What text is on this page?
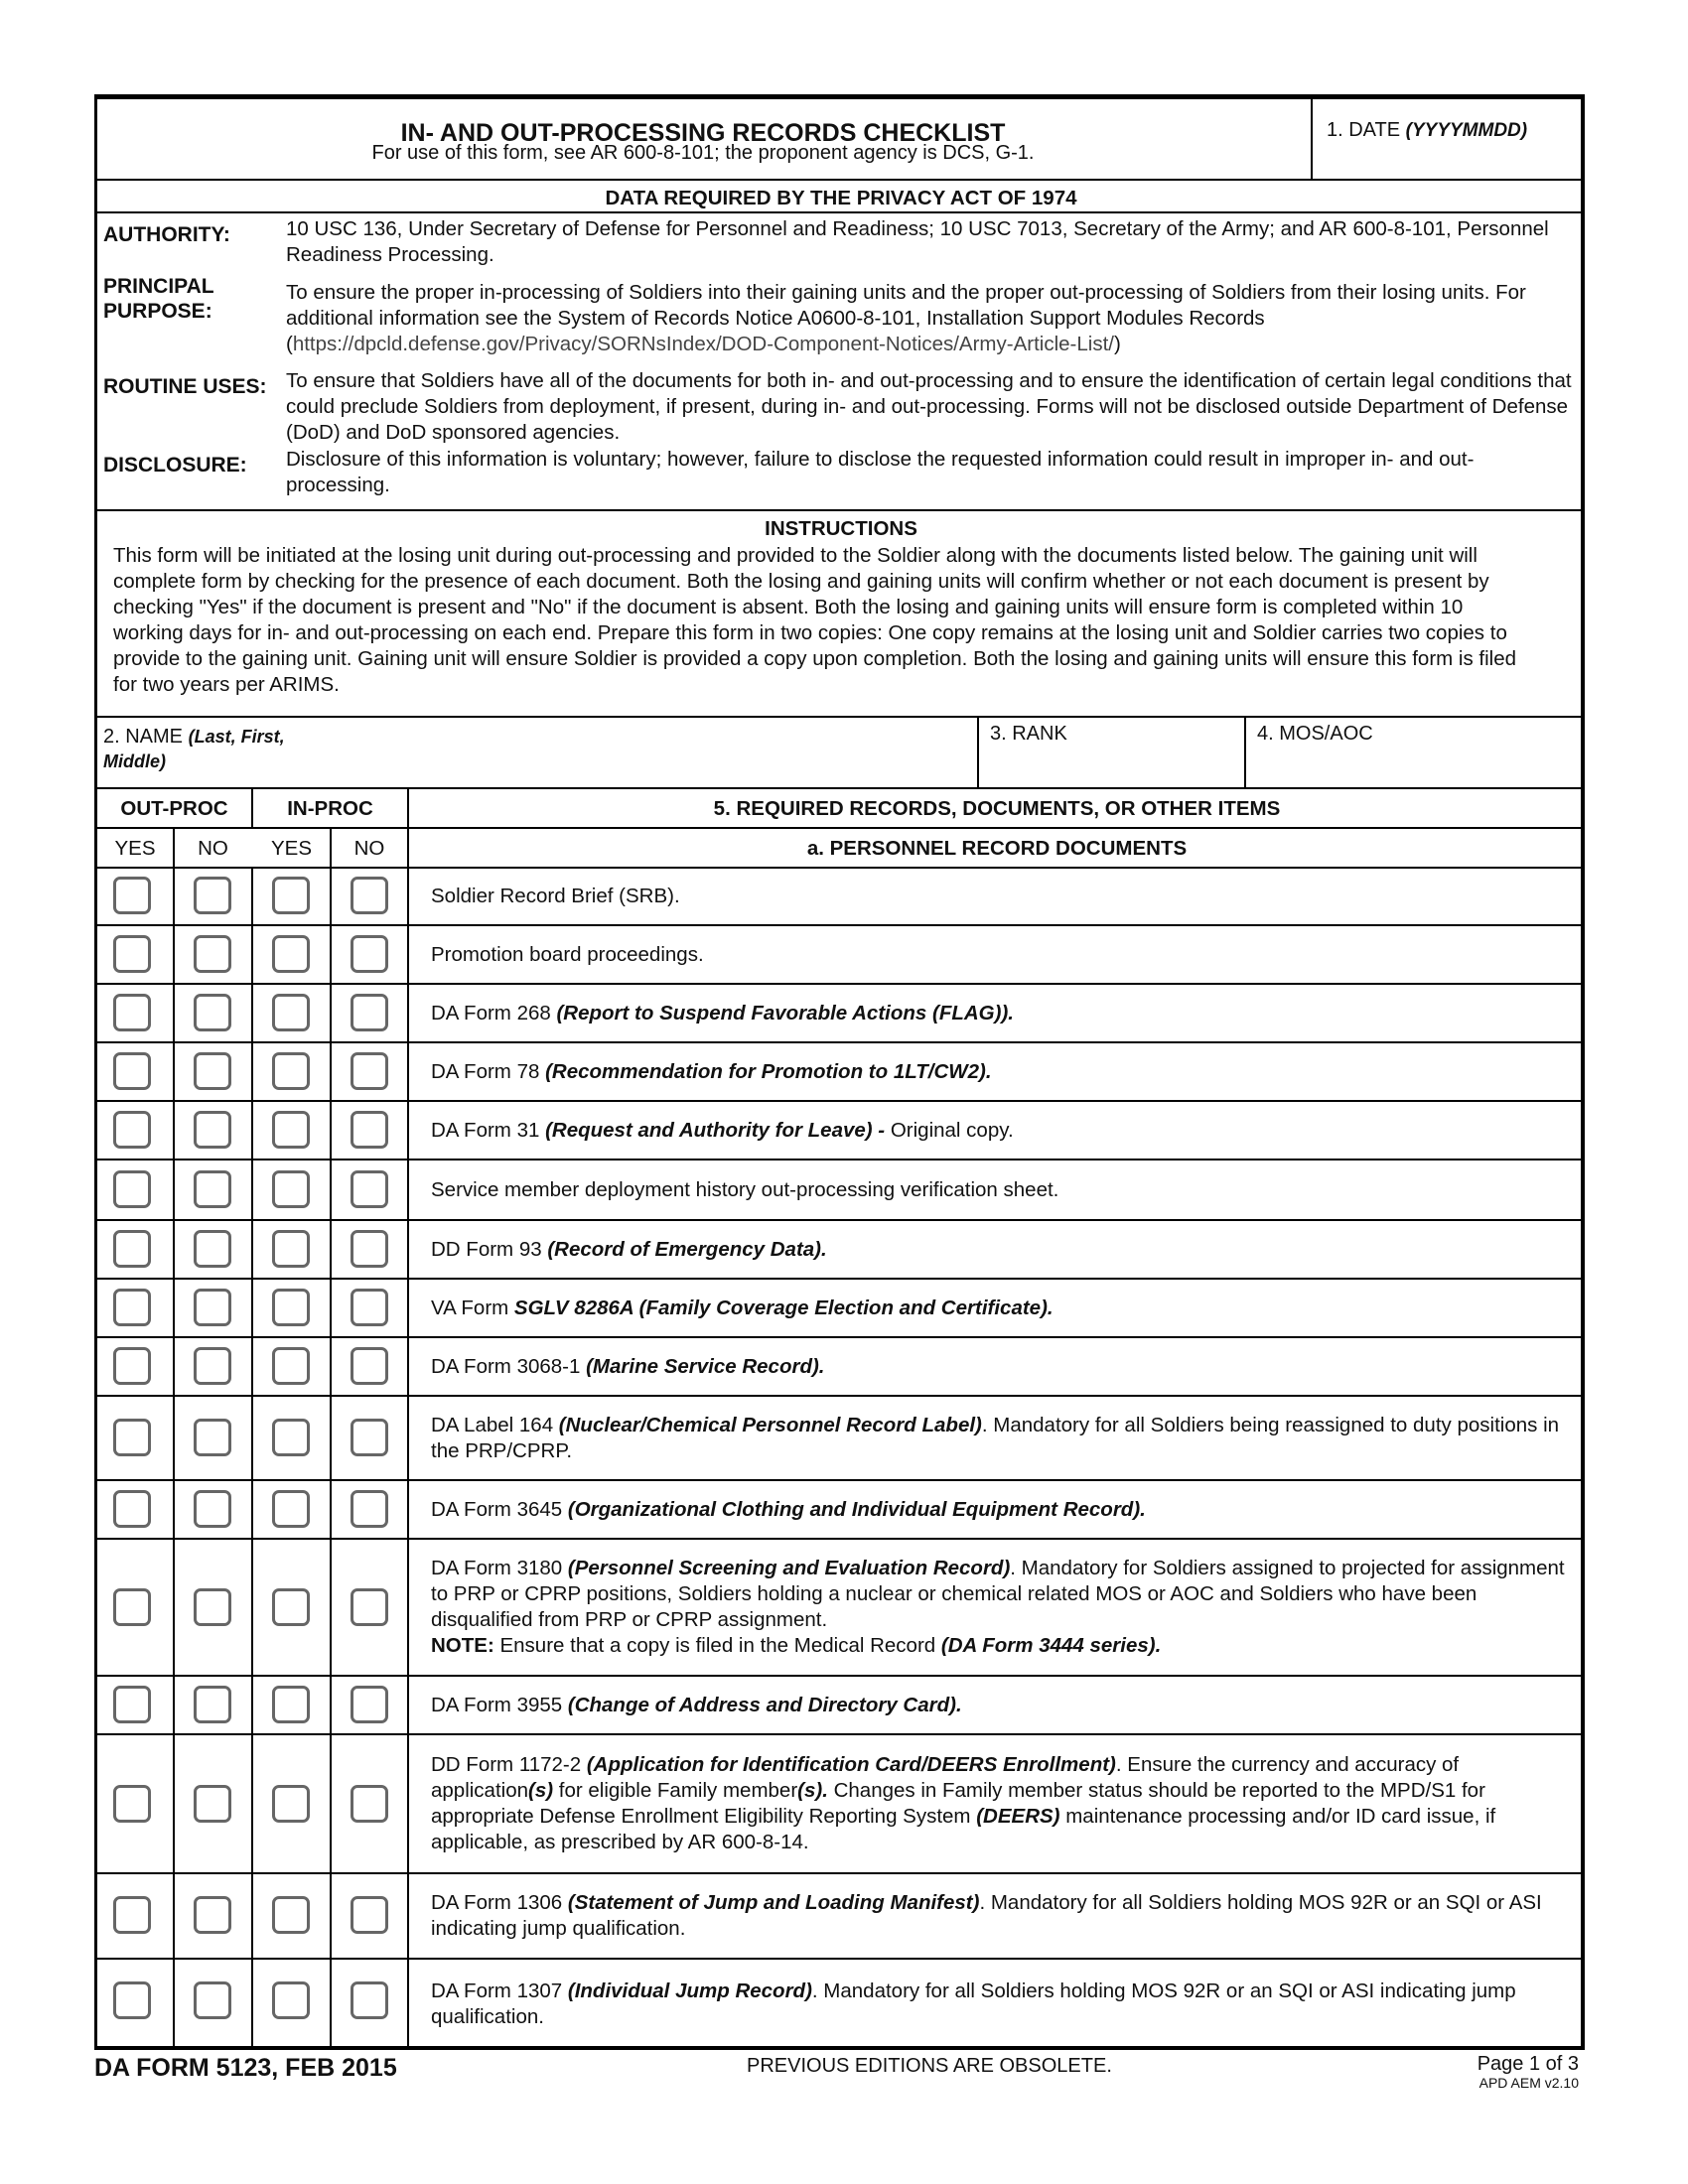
IN- AND OUT-PROCESSING RECORDS CHECKLIST
For use of this form, see AR 600-8-101; the proponent agency is DCS, G-1.
1. DATE (YYYYMMDD)
DATA REQUIRED BY THE PRIVACY ACT OF 1974
AUTHORITY:	10 USC 136, Under Secretary of Defense for Personnel and Readiness; 10 USC 7013, Secretary of the Army; and AR 600-8-101, Personnel Readiness Processing.
PRINCIPAL
PURPOSE:
To ensure the proper in-processing of Soldiers into their gaining units and the proper out-processing of Soldiers from their losing units. For additional information see the System of Records Notice A0600-8-101, Installation Support Modules Records (https://dpcld.defense.gov/Privacy/SORNsIndex/DOD-Component-Notices/Army-Article-List/)
ROUTINE USES: To ensure that Soldiers have all of the documents for both in- and out-processing and to ensure the identification of certain legal conditions that could preclude Soldiers from deployment, if present, during in- and out-processing. Forms will not be disclosed outside Department of Defense (DoD) and DoD sponsored agencies.
DISCLOSURE: Disclosure of this information is voluntary; however, failure to disclose the requested information could result in improper in- and out-processing.
INSTRUCTIONS
This form will be initiated at the losing unit during out-processing and provided to the Soldier along with the documents listed below. The gaining unit will complete form by checking for the presence of each document. Both the losing and gaining units will confirm whether or not each document is present by checking "Yes" if the document is present and "No" if the document is absent. Both the losing and gaining units will ensure form is completed within 10 working days for in- and out-processing on each end. Prepare this form in two copies: One copy remains at the losing unit and Soldier carries two copies to provide to the gaining unit. Gaining unit will ensure Soldier is provided a copy upon completion. Both the losing and gaining units will ensure this form is filed for two years per ARIMS.
2. NAME (Last, First,
Middle)
3. RANK	4. MOS/AOC
OUT-PROC	IN-PROC	5. REQUIRED RECORDS, DOCUMENTS, OR OTHER ITEMS
YES	NO	YES	NO	a. PERSONNEL RECORD DOCUMENTS
Soldier Record Brief (SRB).
Promotion board proceedings.
DA Form 268 (Report to Suspend Favorable Actions (FLAG)).
DA Form 78 (Recommendation for Promotion to 1LT/CW2).
DA Form 31 (Request and Authority for Leave) - Original copy.
Service member deployment history out-processing verification sheet.
DD Form 93 (Record of Emergency Data).
VA Form SGLV 8286A (Family Coverage Election and Certificate).
DA Form 3068-1 (Marine Service Record).
DA Label 164 (Nuclear/Chemical Personnel Record Label). Mandatory for all Soldiers being reassigned to duty positions in the PRP/CPRP.
DA Form 3645 (Organizational Clothing and Individual Equipment Record).
DA Form 3180 (Personnel Screening and Evaluation Record). Mandatory for Soldiers assigned to projected for assignment to PRP or CPRP positions, Soldiers holding a nuclear or chemical related MOS or AOC and Soldiers who have been disqualified from PRP or CPRP assignment.
NOTE: Ensure that a copy is filed in the Medical Record (DA Form 3444 series).
DA Form 3955 (Change of Address and Directory Card).
DD Form 1172-2 (Application for Identification Card/DEERS Enrollment). Ensure the currency and accuracy of application(s) for eligible Family member(s). Changes in Family member status should be reported to the MPD/S1 for appropriate Defense Enrollment Eligibility Reporting System (DEERS) maintenance processing and/or ID card issue, if applicable, as prescribed by AR 600-8-14.
DA Form 1306 (Statement of Jump and Loading Manifest). Mandatory for all Soldiers holding MOS 92R or an SQI or ASI indicating jump qualification.
DA Form 1307 (Individual Jump Record). Mandatory for all Soldiers holding MOS 92R or an SQI or ASI indicating jump qualification.
DA FORM 5123, FEB 2015	PREVIOUS EDITIONS ARE OBSOLETE.	Page 1 of 3
APD AEM v2.10
